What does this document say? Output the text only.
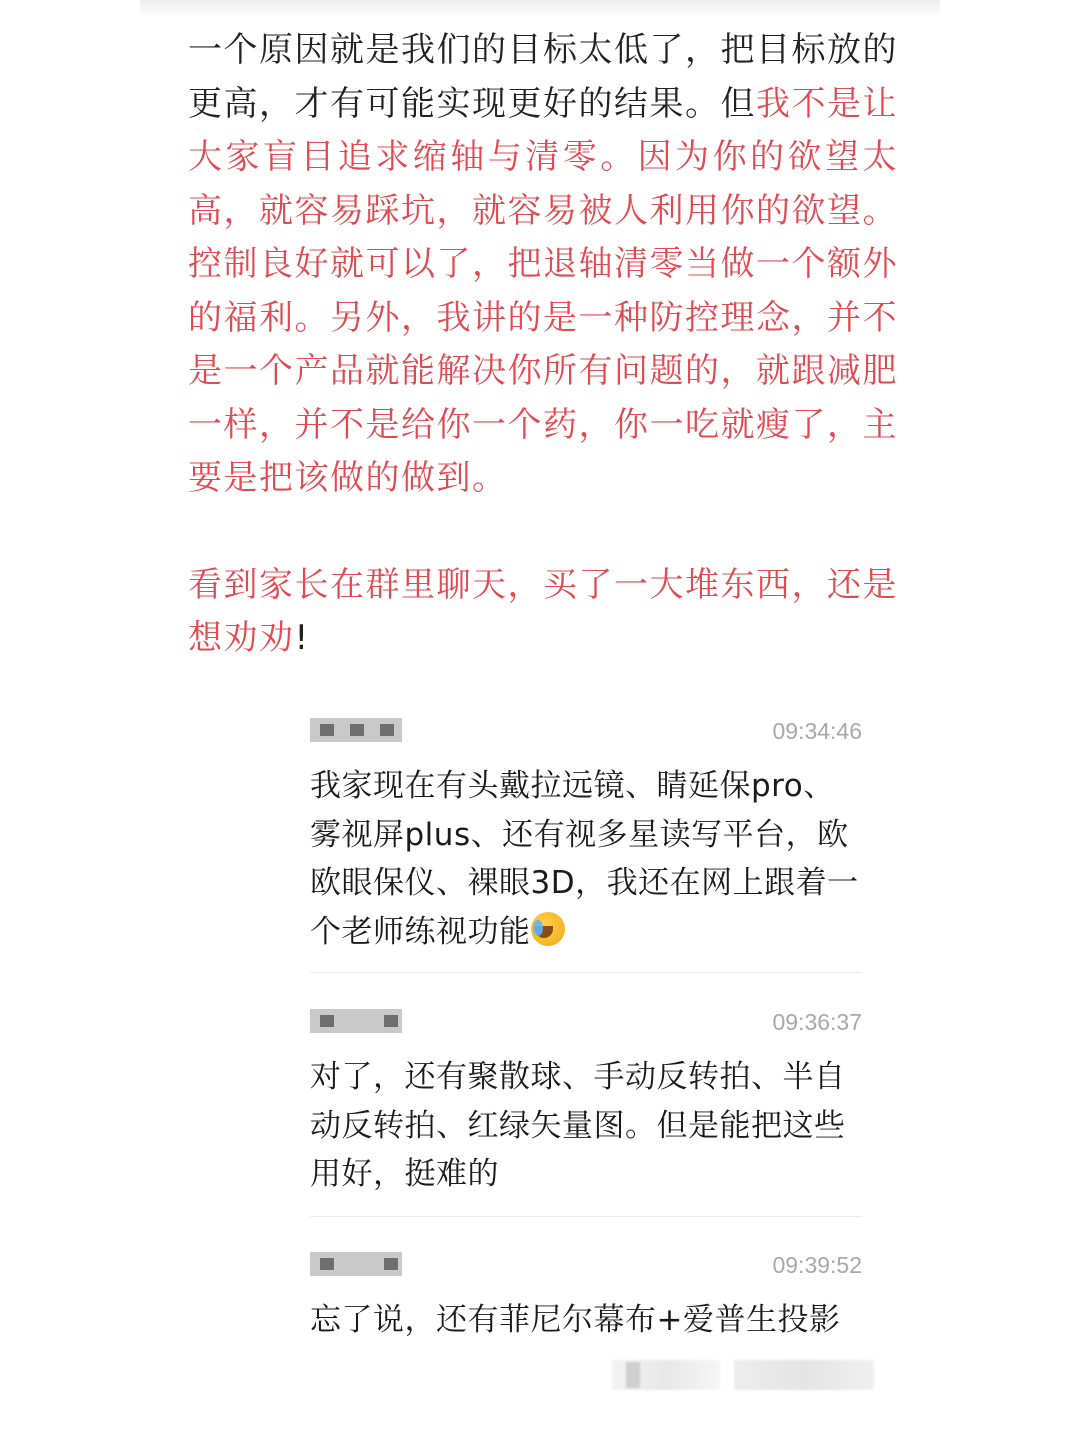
一个原因就是我们的目标太低了，把目标放的更高，才有可能实现更好的结果。但我不是让大家盲目追求缩轴与清零。因为你的欲望太高，就容易踩坑，就容易被人利用你的欲望。控制良好就可以了，把退轴清零当做一个额外的福利。另外，我讲的是一种防控理念，并不是一个产品就能解决你所有问题的，就跟减肥一样，并不是给你一个药，你一吃就瘦了，主要是把该做的做到。

看到家长在群里聊天，买了一大堆东西，还是想劝劝!

09:34:46
我家现在有头戴拉远镜、睛延保pro、雾视屏plus、还有视多星读写平台，欧欧眼保仪、裸眼3D，我还在网上跟着一个老师练视功能
09:36:37
对了，还有聚散球、手动反转拍、半自动反转拍、红绿矢量图。但是能把这些用好，挺难的
09:39:52
忘了说，还有菲尼尔幕布+爱普生投影
